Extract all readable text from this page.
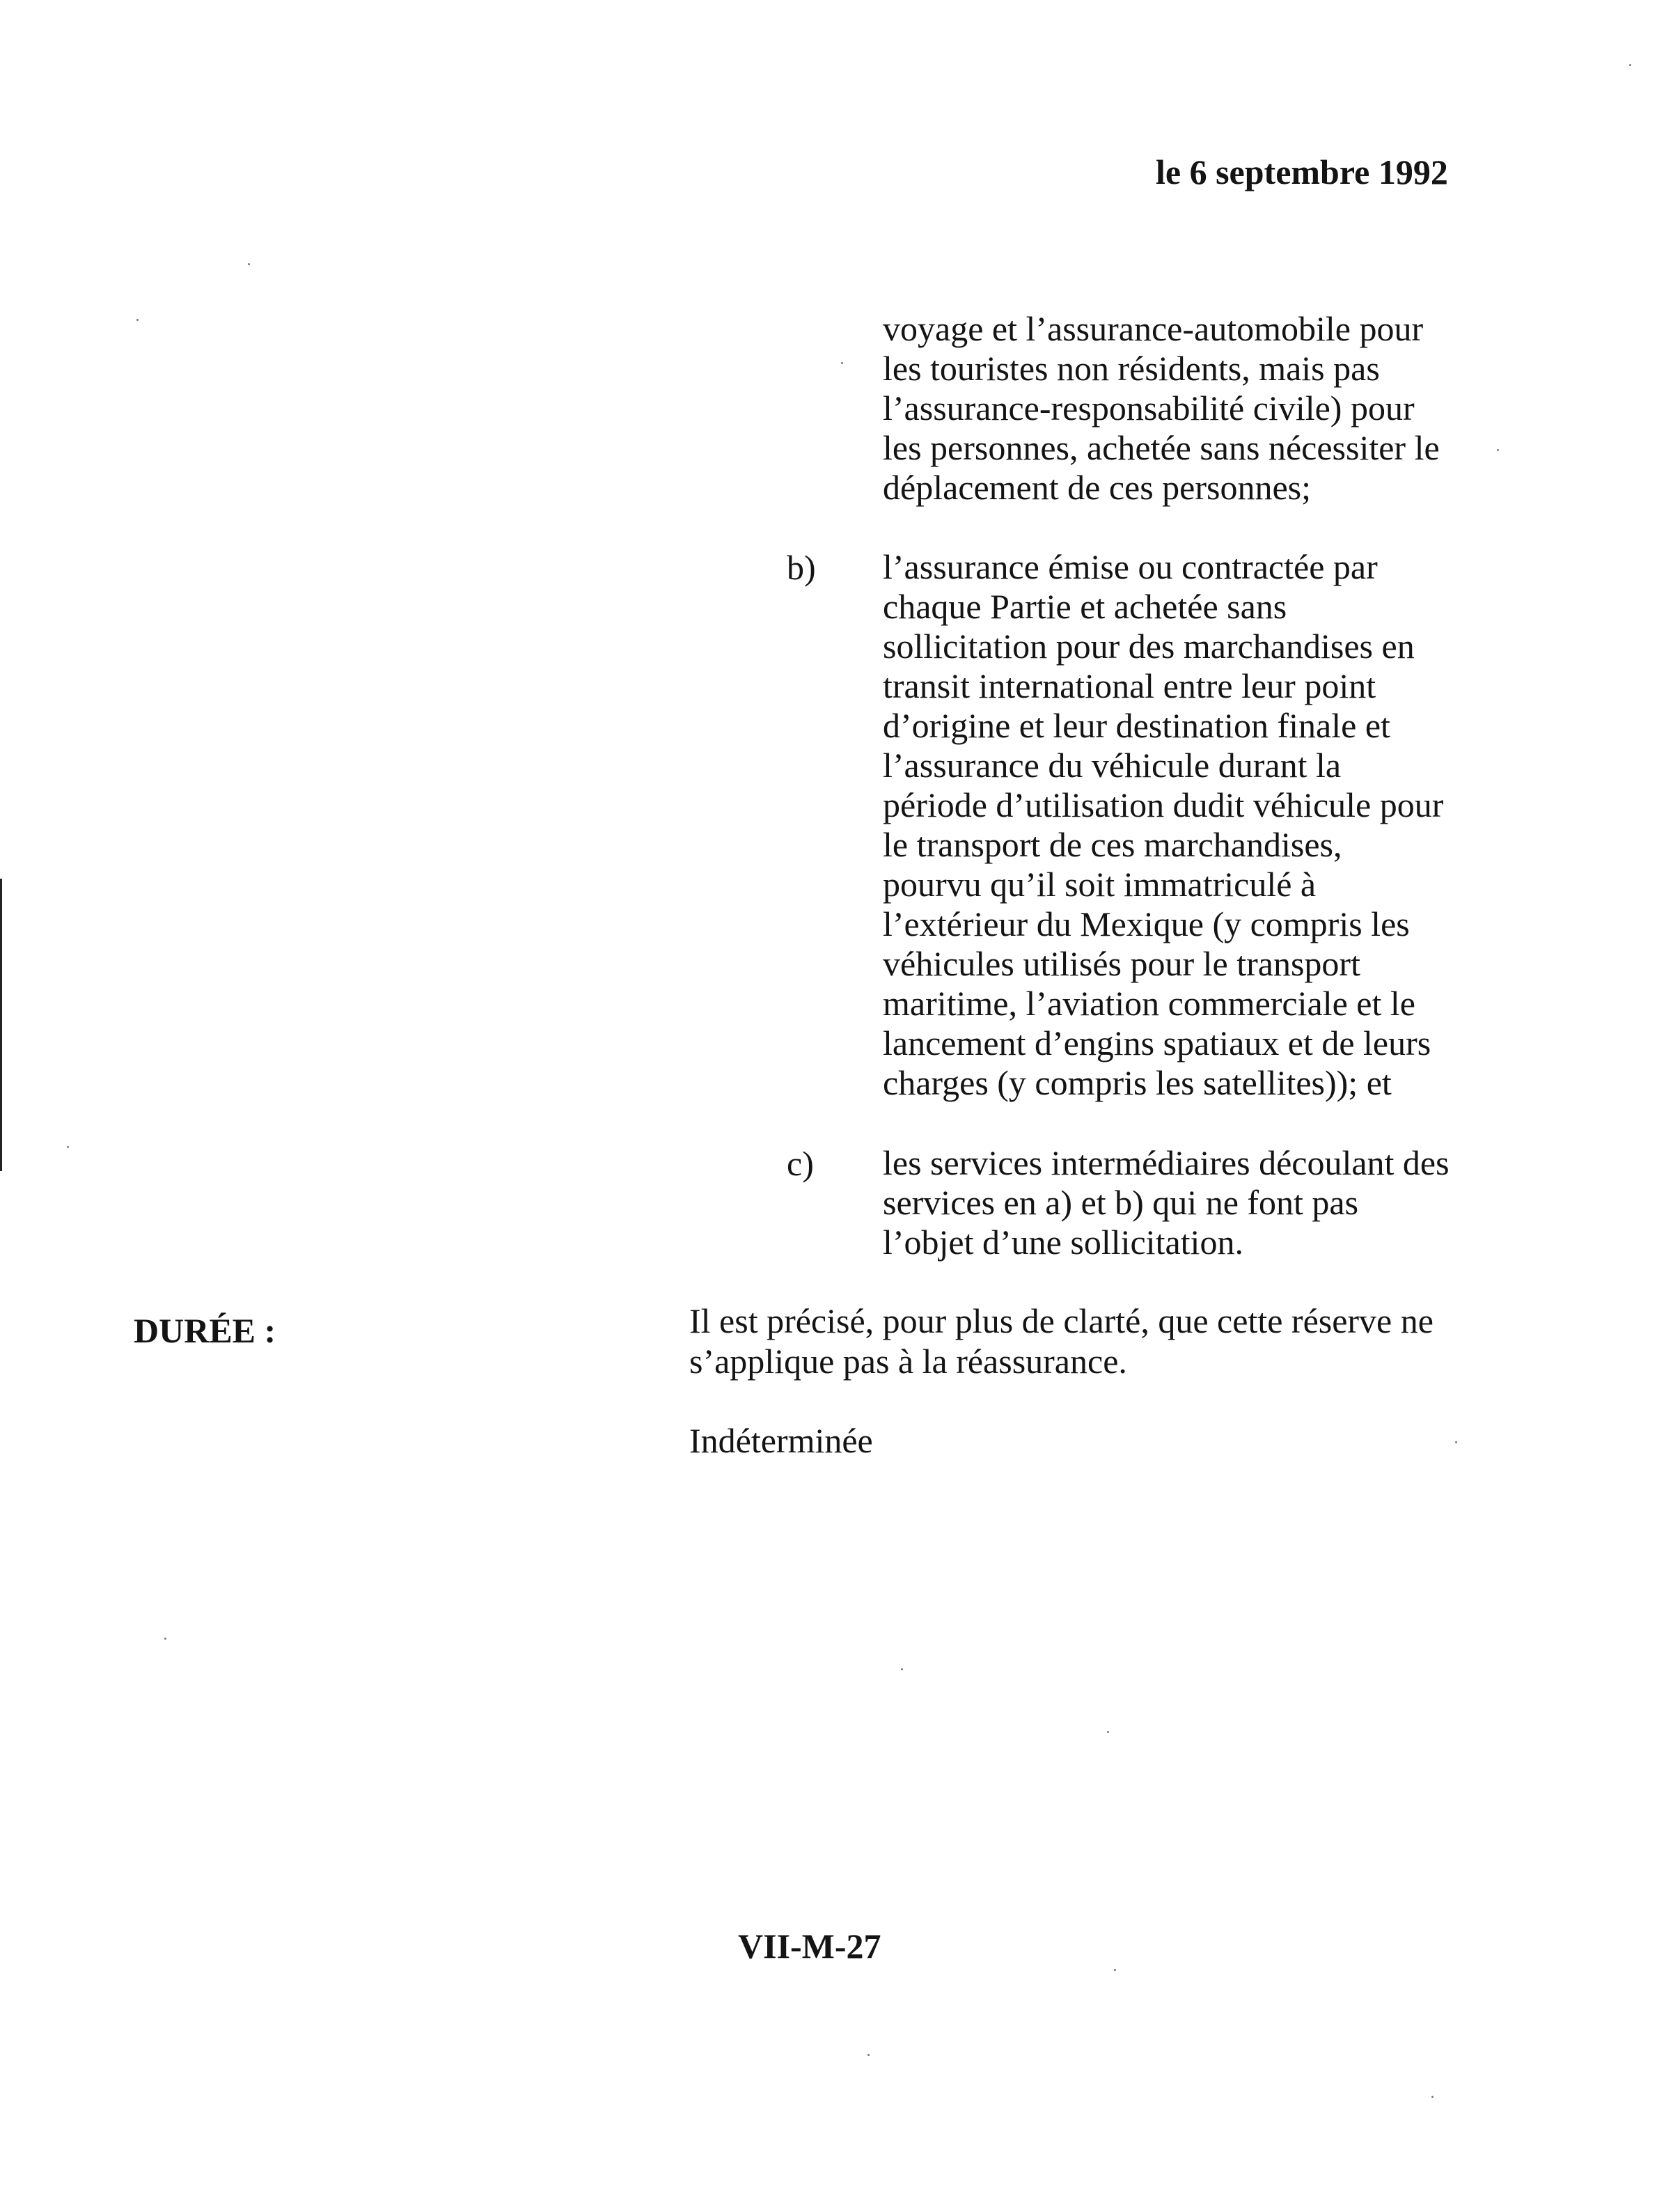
le 6 septembre 1992
voyage et l’assurance-automobile pour
les touristes non résidents, mais pas
l’assurance-responsabilité civile) pour
les personnes, achetée sans nécessiter le
déplacement de ces personnes;
b) l’assurance émise ou contractée par
chaque Partie et achetée sans
sollicitation pour des marchandises en
transit international entre leur point
d’origine et leur destination finale et
l’assurance du véhicule durant la
période d’utilisation dudit véhicule pour
le transport de ces marchandises,
pourvu qu’il soit immatriculé à
l’extérieur du Mexique (y compris les
véhicules utilisés pour le transport
maritime, l’aviation commerciale et le
lancement d’engins spatiaux et de leurs
charges (y compris les satellites)); et
c) les services intermédiaires découlant des
services en a) et b) qui ne font pas
l’objet d’une sollicitation.
DURÉE :	Il est précisé, pour plus de clarté, que cette réserve ne
s’applique pas à la réassurance.
Indéterminée
VII-M-27
